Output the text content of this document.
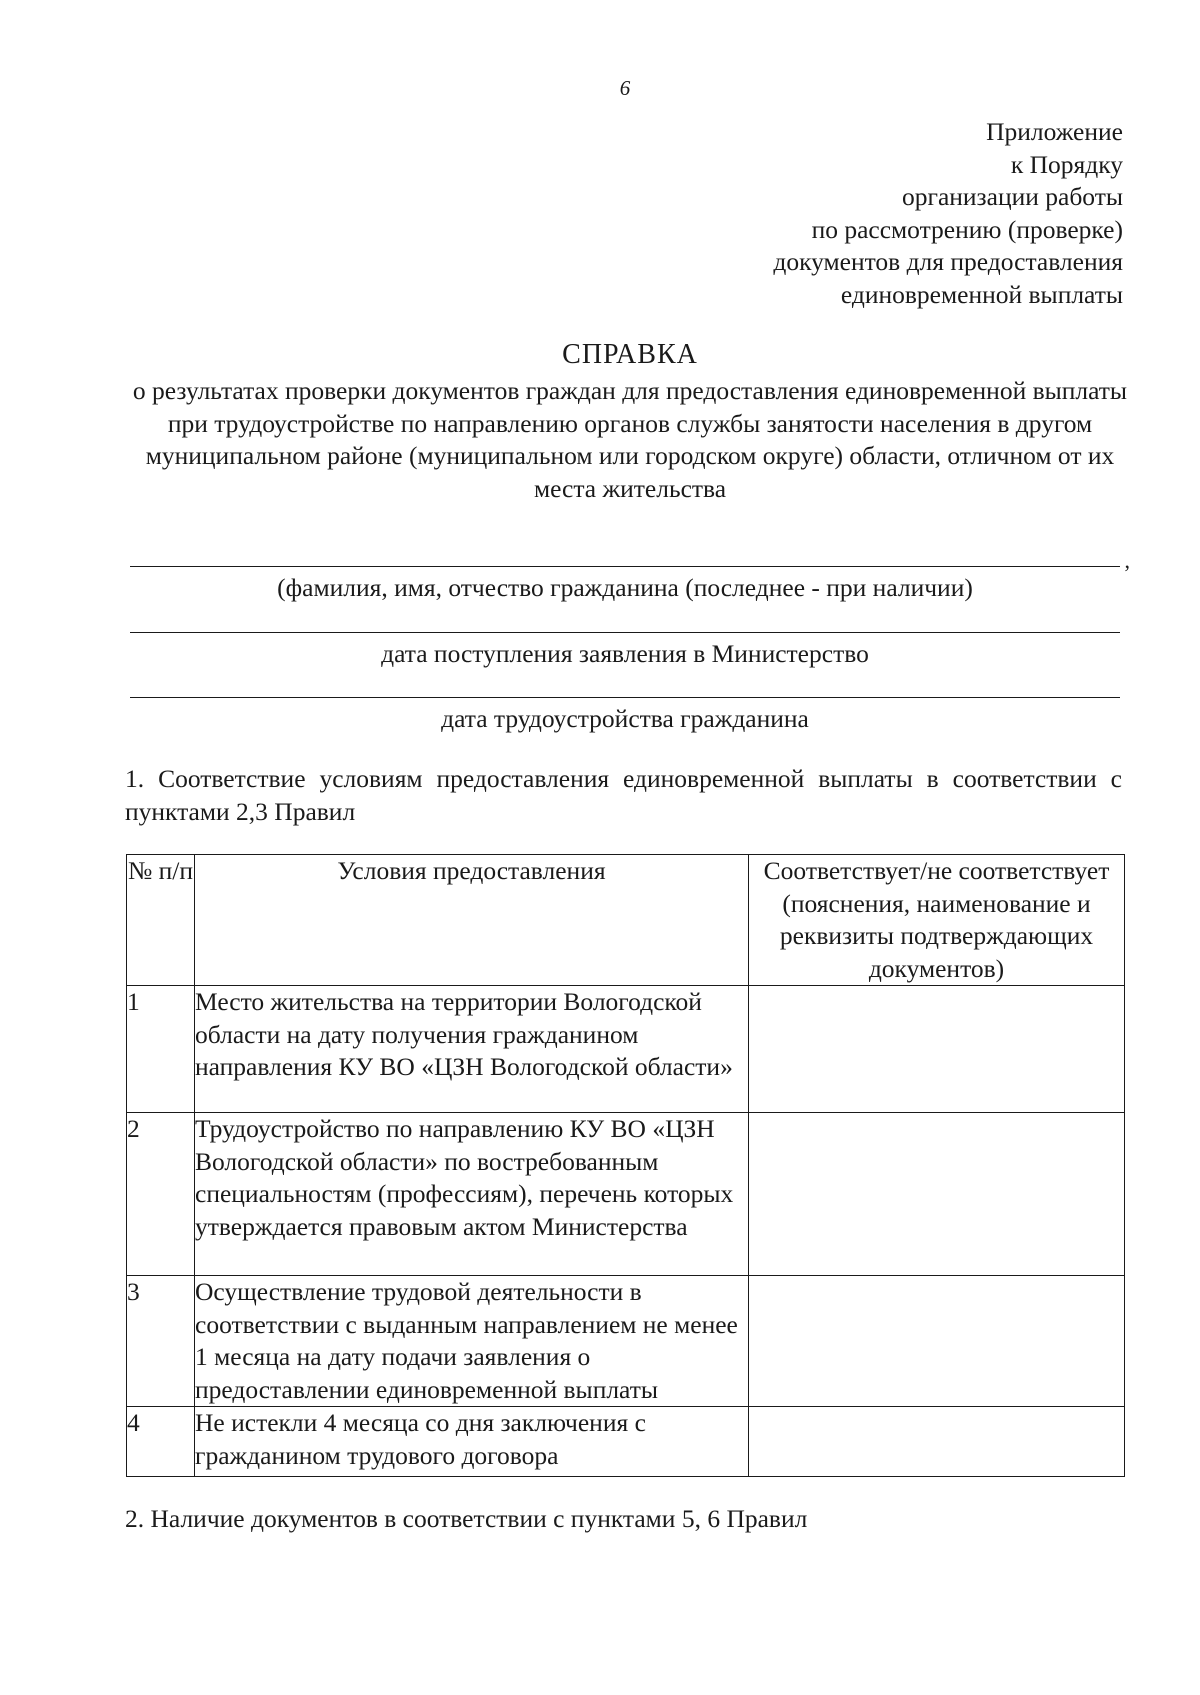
6
Приложение
к Порядку
организации работы
по рассмотрению (проверке)
документов для предоставления
единовременной выплаты
СПРАВКА
о результатах проверки документов граждан для предоставления единовременной выплаты при трудоустройстве по направлению органов службы занятости населения в другом муниципальном районе (муниципальном или городском округе) области, отличном от их места жительства
,
(фамилия, имя, отчество гражданина (последнее - при наличии)
дата поступления заявления в Министерство
дата трудоустройства гражданина
1. Соответствие условиям предоставления единовременной выплаты в соответствии с пунктами 2,3 Правил
№ п/п	Условия предоставления	Соответствует/не соответствует (пояснения, наименование и реквизиты подтверждающих документов)
1	Место жительства на территории Вологодской области на дату получения гражданином направления КУ ВО «ЦЗН Вологодской области»	
2	Трудоустройство по направлению КУ ВО «ЦЗН Вологодской области» по востребованным специальностям (профессиям), перечень которых утверждается правовым актом Министерства	
3	Осуществление трудовой деятельности в соответствии с выданным направлением не менее 1 месяца на дату подачи заявления о предоставлении единовременной выплаты	
4	Не истекли 4 месяца со дня заключения с гражданином трудового договора	
2. Наличие документов в соответствии с пунктами 5, 6 Правил
